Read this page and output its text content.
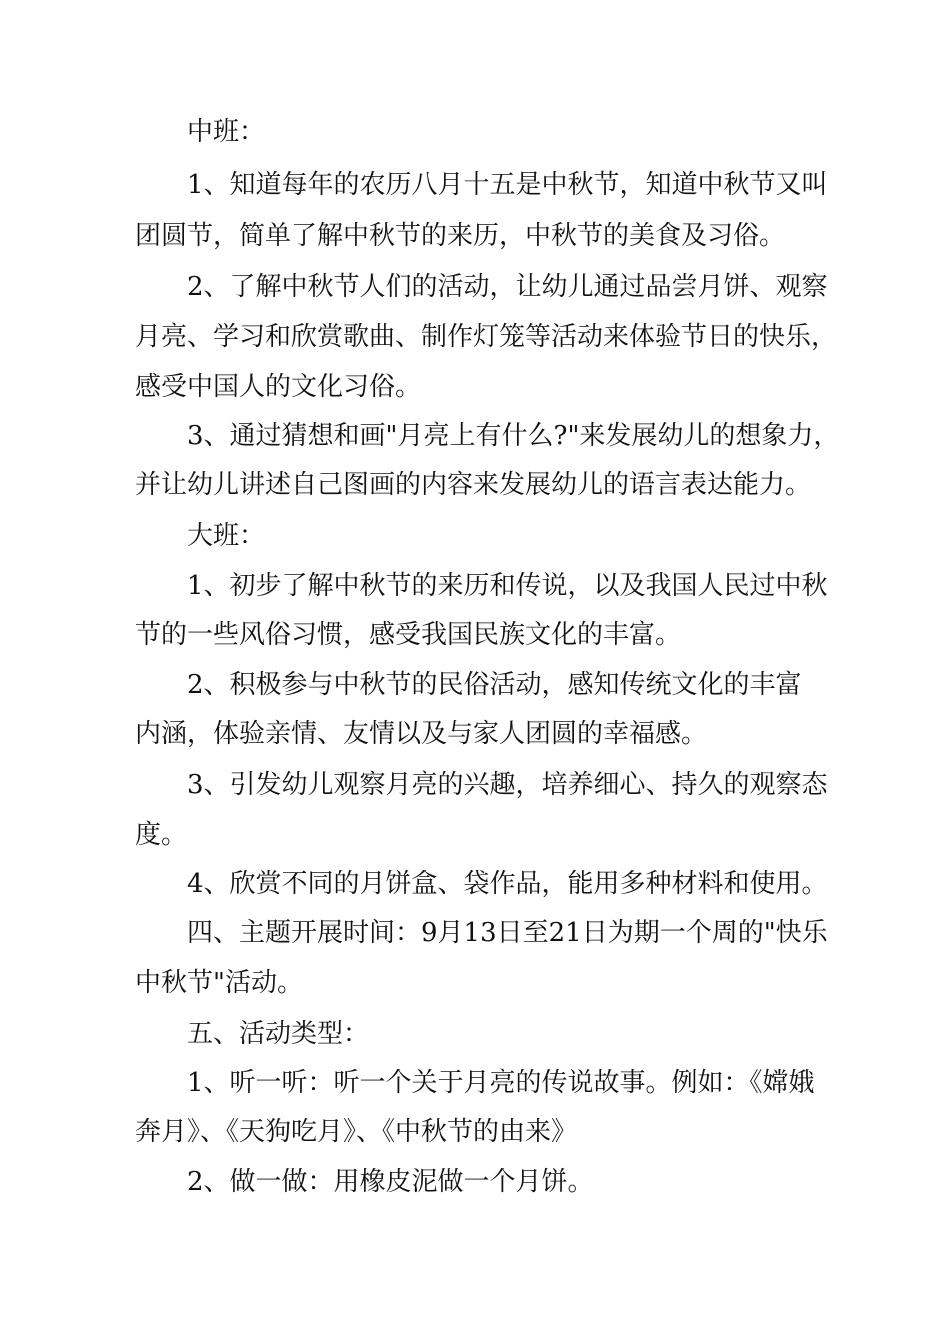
中班：
1、知道每年的农历八月十五是中秋节，知道中秋节又叫
团圆节，简单了解中秋节的来历，中秋节的美食及习俗。
2、了解中秋节人们的活动，让幼儿通过品尝月饼、观察
月亮、学习和欣赏歌曲、制作灯笼等活动来体验节日的快乐，
感受中国人的文化习俗。
3、通过猜想和画"月亮上有什么?"来发展幼儿的想象力，
并让幼儿讲述自己图画的内容来发展幼儿的语言表达能力。
大班：
1、初步了解中秋节的来历和传说，以及我国人民过中秋
节的一些风俗习惯，感受我国民族文化的丰富。
2、积极参与中秋节的民俗活动，感知传统文化的丰富
内涵，体验亲情、友情以及与家人团圆的幸福感。
3、引发幼儿观察月亮的兴趣，培养细心、持久的观察态
度。
4、欣赏不同的月饼盒、袋作品，能用多种材料和使用。
四、主题开展时间：9月13日至21日为期一个周的"快乐
中秋节"活动。
五、活动类型：
1、听一听：听一个关于月亮的传说故事。例如：《嫦娥
奔月》、《天狗吃月》、《中秋节的由来》
2、做一做：用橡皮泥做一个月饼。
